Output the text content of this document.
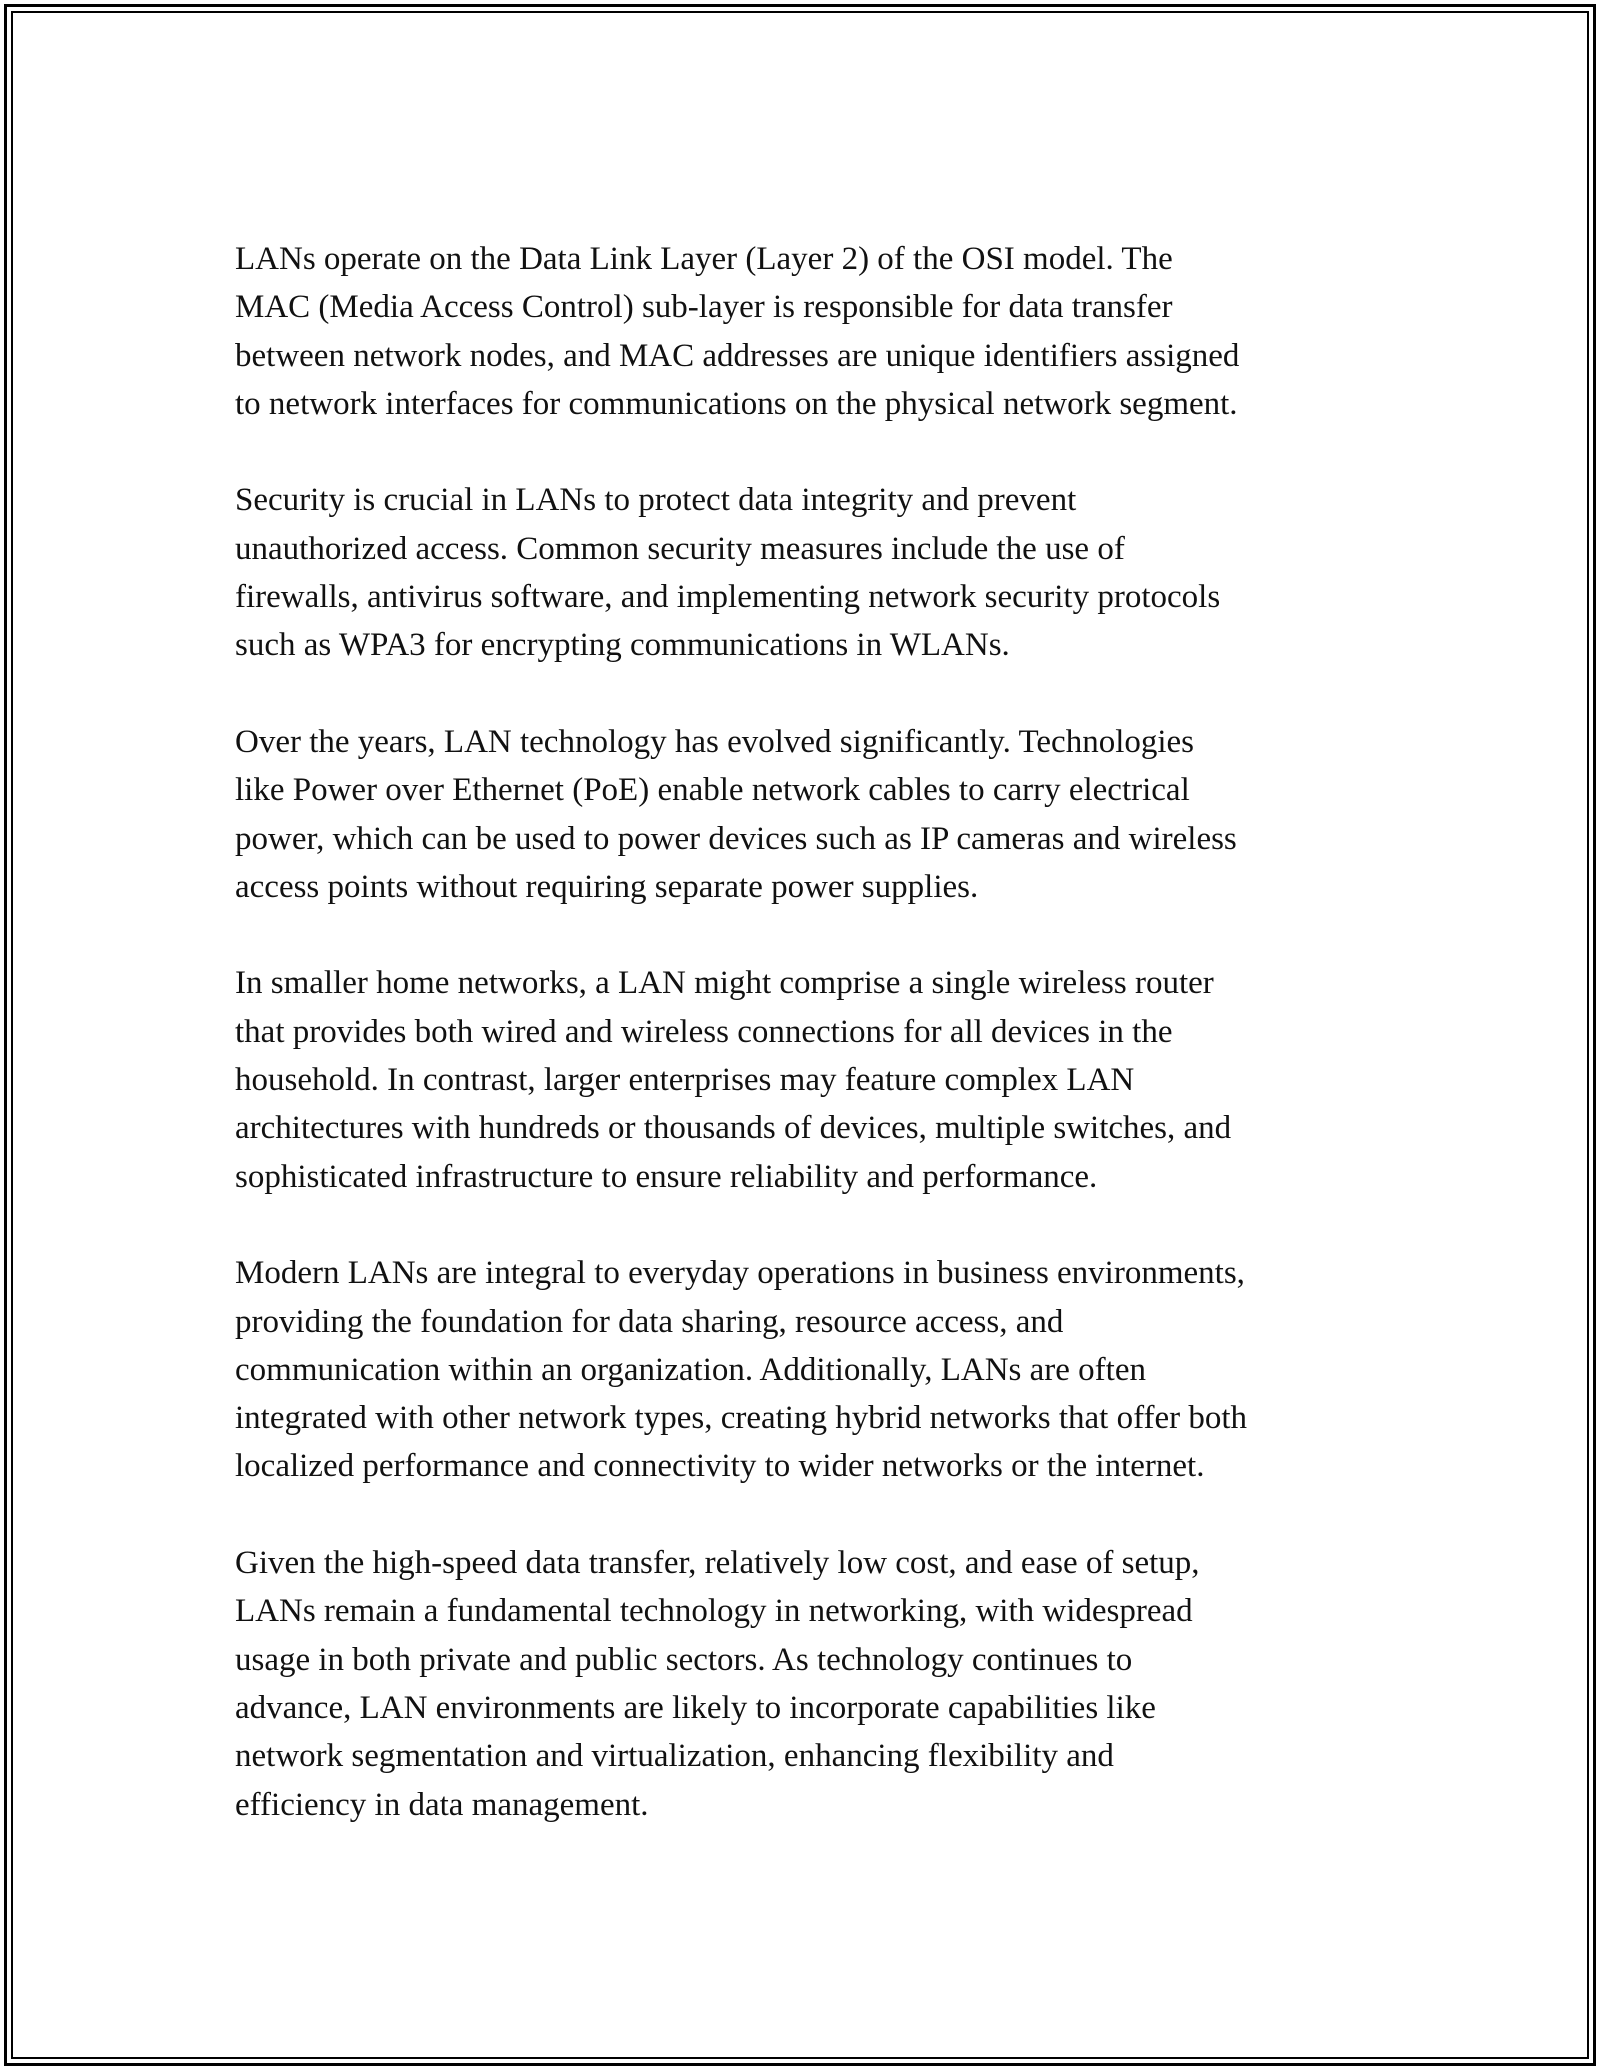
LANs operate on the Data Link Layer (Layer 2) of the OSI model. The
MAC (Media Access Control) sub-layer is responsible for data transfer
between network nodes, and MAC addresses are unique identifiers assigned
to network interfaces for communications on the physical network segment.

Security is crucial in LANs to protect data integrity and prevent
unauthorized access. Common security measures include the use of
firewalls, antivirus software, and implementing network security protocols
such as WPA3 for encrypting communications in WLANs.

Over the years, LAN technology has evolved significantly. Technologies
like Power over Ethernet (PoE) enable network cables to carry electrical
power, which can be used to power devices such as IP cameras and wireless
access points without requiring separate power supplies.

In smaller home networks, a LAN might comprise a single wireless router
that provides both wired and wireless connections for all devices in the
household. In contrast, larger enterprises may feature complex LAN
architectures with hundreds or thousands of devices, multiple switches, and
sophisticated infrastructure to ensure reliability and performance.

Modern LANs are integral to everyday operations in business environments,
providing the foundation for data sharing, resource access, and
communication within an organization. Additionally, LANs are often
integrated with other network types, creating hybrid networks that offer both
localized performance and connectivity to wider networks or the internet.

Given the high-speed data transfer, relatively low cost, and ease of setup,
LANs remain a fundamental technology in networking, with widespread
usage in both private and public sectors. As technology continues to
advance, LAN environments are likely to incorporate capabilities like
network segmentation and virtualization, enhancing flexibility and
efficiency in data management.
